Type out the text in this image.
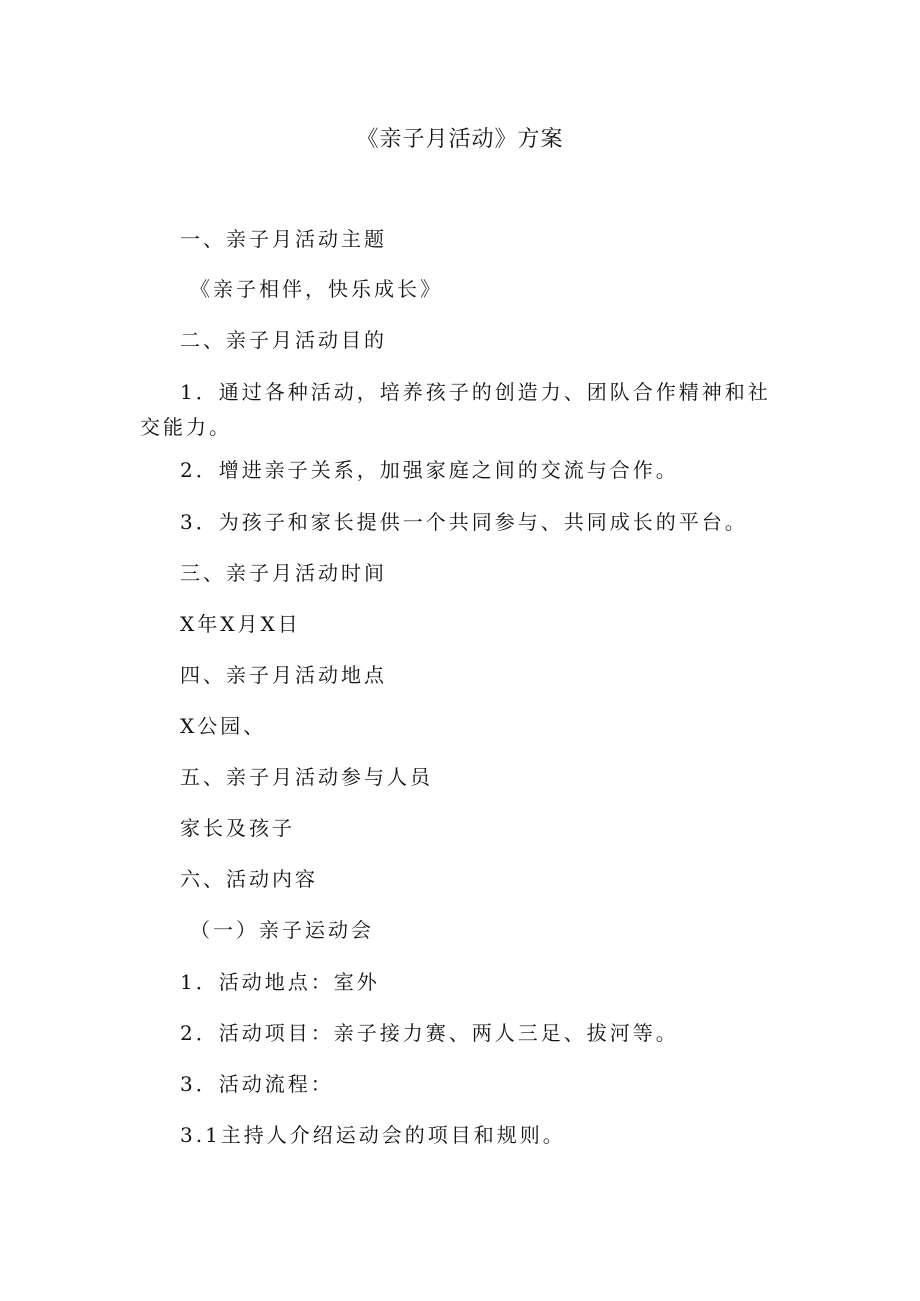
《亲子月活动》方案
一、亲子月活动主题
《亲子相伴，快乐成长》
二、亲子月活动目的
1．通过各种活动，培养孩子的创造力、团队合作精神和社交能力。
2．增进亲子关系，加强家庭之间的交流与合作。
3．为孩子和家长提供一个共同参与、共同成长的平台。
三、亲子月活动时间
X年X月X日
四、亲子月活动地点
X公园、
五、亲子月活动参与人员
家长及孩子
六、活动内容
（一）亲子运动会
1．活动地点：室外
2．活动项目：亲子接力赛、两人三足、拔河等。
3．活动流程：
3.1主持人介绍运动会的项目和规则。
